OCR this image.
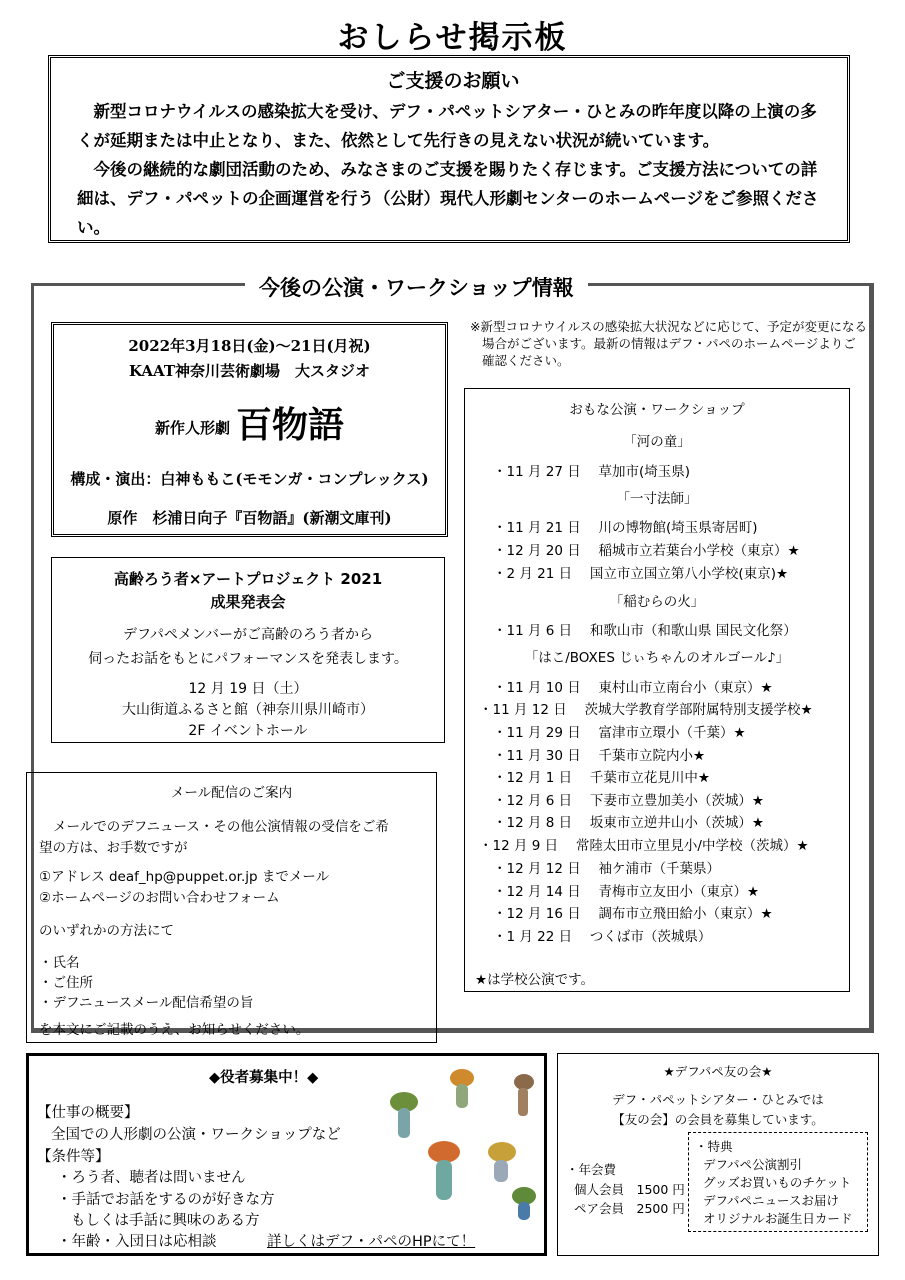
おしらせ掲示板
ご支援のお願い

新型コロナウイルスの感染拡大を受け、デフ・パペットシアター・ひとみの昨年度以降の上演の多くが延期または中止となり、また、依然として先行きの見えない状況が続いています。

今後の継続的な劇団活動のため、みなさまのご支援を賜りたく存じます。ご支援方法についての詳細は、デフ・パペットの企画運営を行う（公財）現代人形劇センターのホームページをご参照ください。

今後の公演・ワークショップ情報
2022年3月18日(金)～21日(月祝)
KAAT神奈川芸術劇場　大スタジオ
新作人形劇 百物語
構成・演出：白神ももこ(モモンガ・コンプレックス)
原作　杉浦日向子『百物語』(新潮文庫刊)
高齢ろう者×アートプロジェクト 2021
成果発表会
デフパペメンバーがご高齢のろう者から
伺ったお話をもとにパフォーマンスを発表します。
12 月 19 日（土）
大山街道ふるさと館（神奈川県川崎市）
2F イベントホール
※新型コロナウイルスの感染拡大状況などに応じて、予定が変更になる場合がございます。最新の情報はデフ・パペのホームページよりご確認ください。
おもな公演・ワークショップ
「河の童」
・11 月 27 日　 草加市(埼玉県)
「一寸法師」
・11 月 21 日　 川の博物館(埼玉県寄居町)
・12 月 20 日　 稲城市立若葉台小学校（東京）★
・2 月 21 日　 国立市立国立第八小学校(東京)★
「稲むらの火」
・11 月 6 日　 和歌山市（和歌山県 国民文化祭）
「はこ/BOXES じぃちゃんのオルゴール♪」
・11 月 10 日　 東村山市立南台小（東京）★
・11 月 12 日　 茨城大学教育学部附属特別支援学校★
・11 月 29 日　 富津市立環小（千葉）★
・11 月 30 日　 千葉市立院内小★
・12 月 1 日　 千葉市立花見川中★
・12 月 6 日　 下妻市立豊加美小（茨城）★
・12 月 8 日　 坂東市立逆井山小（茨城）★
・12 月 9 日　 常陸太田市立里見小/中学校（茨城）★
・12 月 12 日　 袖ケ浦市（千葉県）
・12 月 14 日　 青梅市立友田小（東京）★
・12 月 16 日　 調布市立飛田給小（東京）★
・1 月 22 日　 つくば市（茨城県）
★は学校公演です。
メール配信のご案内
メールでのデフニュース・その他公演情報の受信をご希
望の方は、お手数ですが
①アドレス deaf_hp@puppet.or.jp までメール
②ホームページのお問い合わせフォーム
のいずれかの方法にて
・氏名
・ご住所
・デフニュースメール配信希望の旨
を本文にご記載のうえ、お知らせください。
◆役者募集中！◆
【仕事の概要】
全国での人形劇の公演・ワークショップなど
【条件等】
・ろう者、聴者は問いません
・手話でお話をするのが好きな方
もしくは手話に興味のある方
・年齢・入団日は応相談	詳しくはデフ・パペのHPにて！
★デフパペ友の会★
デフ・パペットシアター・ひとみでは
【友の会】の会員を募集しています。
・年会費
個人会員　1500 円
ペア会員　2500 円
・特典
デフパペ公演割引
グッズお買いものチケット
デフパペニュースお届け
オリジナルお誕生日カード
